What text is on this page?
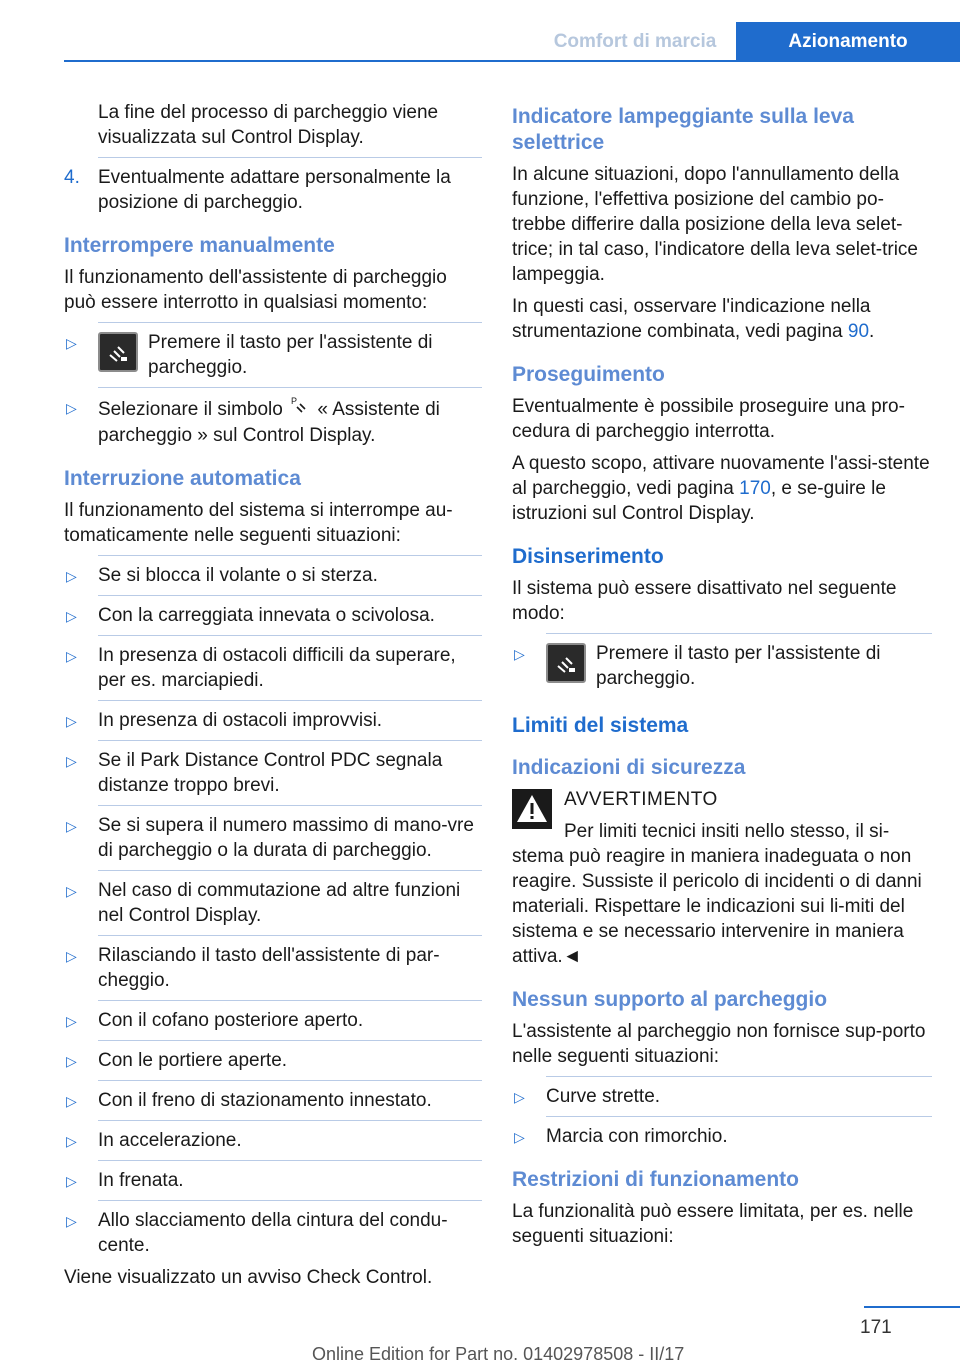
Comfort di marcia	Azionamento

La fine del processo di parcheggio viene visualizzata sul Control Display.

4. Eventualmente adattare personalmente la posizione di parcheggio.
Interrompere manualmente

Il funzionamento dell'assistente di parcheggio può essere interrotto in qualsiasi momento:

▷	Premere il tasto per l'assistente di parcheggio.
▷ Selezionare il simbolo P « Assistente di parcheggio » sul Control Display.
Interruzione automatica

Il funzionamento del sistema si interrompe au-tomaticamente nelle seguenti situazioni:

▷ Se si blocca il volante o si sterza.
▷ Con la carreggiata innevata o scivolosa.
▷ In presenza di ostacoli difficili da superare, per es. marciapiedi.
▷ In presenza di ostacoli improvvisi.
▷ Se il Park Distance Control PDC segnala distanze troppo brevi.
▷ Se si supera il numero massimo di mano-vre di parcheggio o la durata di parcheggio.
▷ Nel caso di commutazione ad altre funzioni nel Control Display.
▷ Rilasciando il tasto dell'assistente di par-cheggio.
▷ Con il cofano posteriore aperto.
▷ Con le portiere aperte.
▷ Con il freno di stazionamento innestato.
▷ In accelerazione.
▷ In frenata.
▷ Allo slacciamento della cintura del condu-cente.

Viene visualizzato un avviso Check Control.

Indicatore lampeggiante sulla leva selettrice

In alcune situazioni, dopo l'annullamento della funzione, l'effettiva posizione del cambio po-trebbe differire dalla posizione della leva selet-trice; in tal caso, l'indicatore della leva selet-trice lampeggia.

In questi casi, osservare l'indicazione nella strumentazione combinata, vedi pagina 90.

Proseguimento

Eventualmente è possibile proseguire una pro-cedura di parcheggio interrotta.

A questo scopo, attivare nuovamente l'assi-stente al parcheggio, vedi pagina 170, e se-guire le istruzioni sul Control Display.

Disinserimento

Il sistema può essere disattivato nel seguente modo:

▷	Premere il tasto per l'assistente di parcheggio.
Limiti del sistema
Indicazioni di sicurezza

AVVERTIMENTO

Per limiti tecnici insiti nello stesso, il si-stema può reagire in maniera inadeguata o non reagire. Sussiste il pericolo di incidenti o di danni materiali. Rispettare le indicazioni sui li-miti del sistema e se necessario intervenire in maniera attiva.◄

Nessun supporto al parcheggio

L'assistente al parcheggio non fornisce sup-porto nelle seguenti situazioni:

▷ Curve strette.
▷ Marcia con rimorchio.
Restrizioni di funzionamento

La funzionalità può essere limitata, per es. nelle seguenti situazioni:

171
Online Edition for Part no. 01402978508 - II/17
